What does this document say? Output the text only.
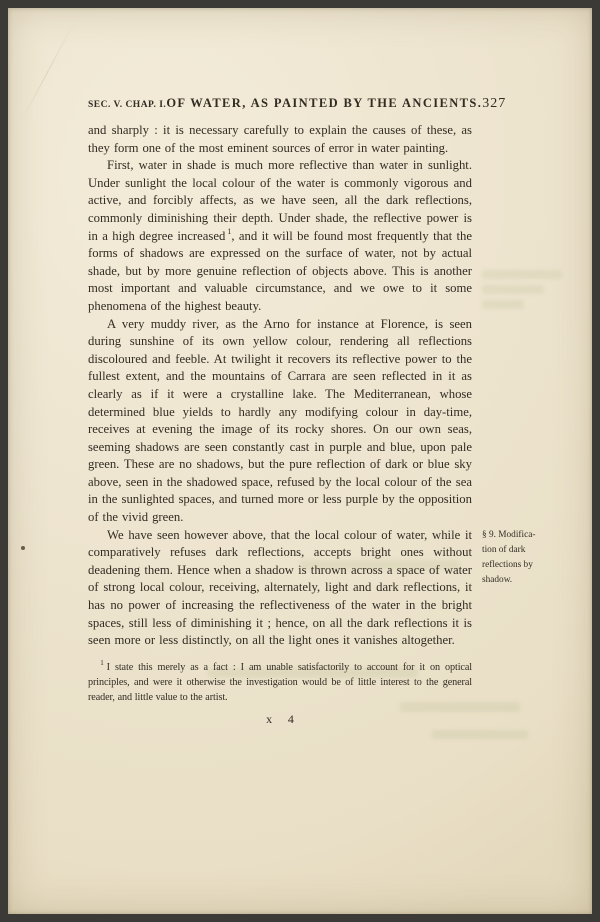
SEC. V. CHAP. I. OF WATER, AS PAINTED BY THE ANCIENTS. 327

and sharply : it is necessary carefully to explain the causes of these, as they form one of the most eminent sources of error in water painting.

First, water in shade is much more reflective than water in sunlight. Under sunlight the local colour of the water is commonly vigorous and active, and forcibly affects, as we have seen, all the dark reflections, commonly diminishing their depth. Under shade, the reflective power is in a high degree increased $^1$, and it will be found most frequently that the forms of shadows are expressed on the surface of water, not by actual shade, but by more genuine reflection of objects above. This is another most important and valuable circumstance, and we owe to it some phenomena of the highest beauty.

A very muddy river, as the Arno for instance at Florence, is seen during sunshine of its own yellow colour, rendering all reflections discoloured and feeble. At twilight it recovers its reflective power to the fullest extent, and the mountains of Carrara are seen reflected in it as clearly as if it were a crystalline lake. The Mediterranean, whose determined blue yields to hardly any modifying colour in day-time, receives at evening the image of its rocky shores. On our own seas, seeming shadows are seen constantly cast in purple and blue, upon pale green. These are no shadows, but the pure reflection of dark or blue sky above, seen in the shadowed space, refused by the local colour of the sea in the sunlighted spaces, and turned more or less purple by the opposition of the vivid green.

We have seen however above, that the local colour of water, while it comparatively refuses dark reflections, accepts bright ones without deadening them. Hence when a shadow is thrown across a space of water of strong local colour, receiving, alternately, light and dark reflections, it has no power of increasing the reflectiveness of the water in the bright spaces, still less of diminishing it ; hence, on all the dark reflections it is seen more or less distinctly, on all the light ones it vanishes altogether.

§ 9. Modifica-
tion of dark
reflections by
shadow.
$^1$ I state this merely as a fact : I am unable satisfactorily to account for it on optical principles, and were it otherwise the investigation would be of little interest to the general reader, and little value to the artist.
x 4
